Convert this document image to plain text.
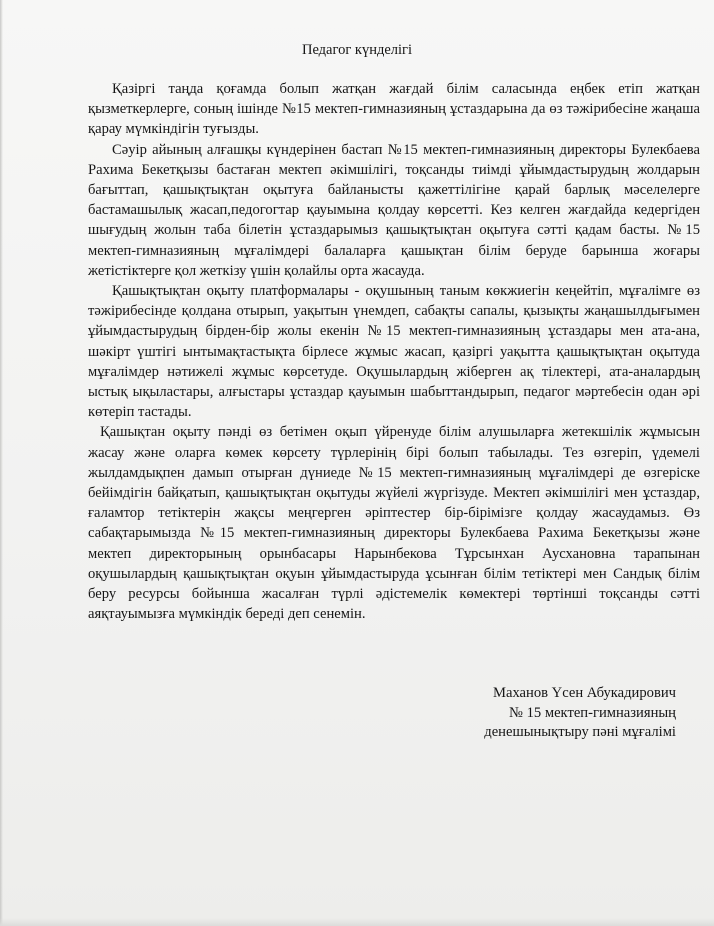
Педагог күнделігі

Қазіргі таңда қоғамда болып жатқан жағдай білім саласында еңбек етіп жатқан қызметкерлерге, соның ішінде №15 мектеп-гимназияның ұстаздарына да өз тәжірибесіне жаңаша қарау мүмкіндігін туғызды.

Сәуір айының алғашқы күндерінен бастап №15 мектеп-гимназияның директоры Булекбаева Рахима Бекетқызы бастаған мектеп әкімшілігі, тоқсанды тиімді ұйымдастырудың жолдарын бағыттап, қашықтықтан оқытуға байланысты қажеттілігіне қарай барлық мәселелерге бастамашылық жасап,педогогтар қауымына қолдау көрсетті. Кез келген жағдайда кедергіден шығудың жолын таба білетін ұстаздарымыз қашықтықтан оқытуға сәтті қадам басты. №15 мектеп-гимназияның мұғалімдері балаларға қашықтан білім беруде барынша жоғары жетістіктерге қол жеткізу үшін қолайлы орта жасауда.

Қашықтықтан оқыту платформалары - оқушының таным көкжиегін кеңейтіп, мұғалімге өз тәжірибесінде қолдана отырып, уақытын үнемдеп, сабақты сапалы, қызықты жаңашылдығымен ұйымдастырудың бірден-бір жолы екенін №15 мектеп-гимназияның ұстаздары мен ата-ана, шәкірт үштігі ынтымақтастықта бірлесе жұмыс жасап, қазіргі уақытта қашықтықтан оқытуда мұғалімдер нәтижелі жұмыс көрсетуде. Оқушылардың жіберген ақ тілектері, ата-аналардың ыстық ықыластары, алғыстары ұстаздар қауымын шабыттандырып, педагог мәртебесін одан әрі көтеріп тастады.

Қашықтан оқыту пәнді өз бетімен оқып үйренуде білім алушыларға жетекшілік жұмысын жасау және оларға көмек көрсету түрлерінің бірі болып табылады. Тез өзгеріп, үдемелі жылдамдықпен дамып отырған дүниеде №15 мектеп-гимназияның мұғалімдері де өзгеріске бейімдігін байқатып, қашықтықтан оқытуды жүйелі жүргізуде. Мектеп әкімшілігі мен ұстаздар, ғаламтор тетіктерін жақсы меңгерген әріптестер бір-бірімізге қолдау жасаудамыз. Өз сабақтарымызда №15 мектеп-гимназияның директоры Булекбаева Рахима Бекетқызы және мектеп директорының орынбасары Нарынбекова Тұрсынхан Аусхановна тарапынан оқушылардың қашықтықтан оқуын ұйымдастыруда ұсынған білім тетіктері мен Сандық білім беру ресурсы бойынша жасалған түрлі әдістемелік көмектері төртінші тоқсанды сәтті аяқтауымызға мүмкіндік береді деп сенемін.

Маханов Үсен Абукадирович
№ 15 мектеп-гимназияның
денешынықтыру пәні мұғалімі
